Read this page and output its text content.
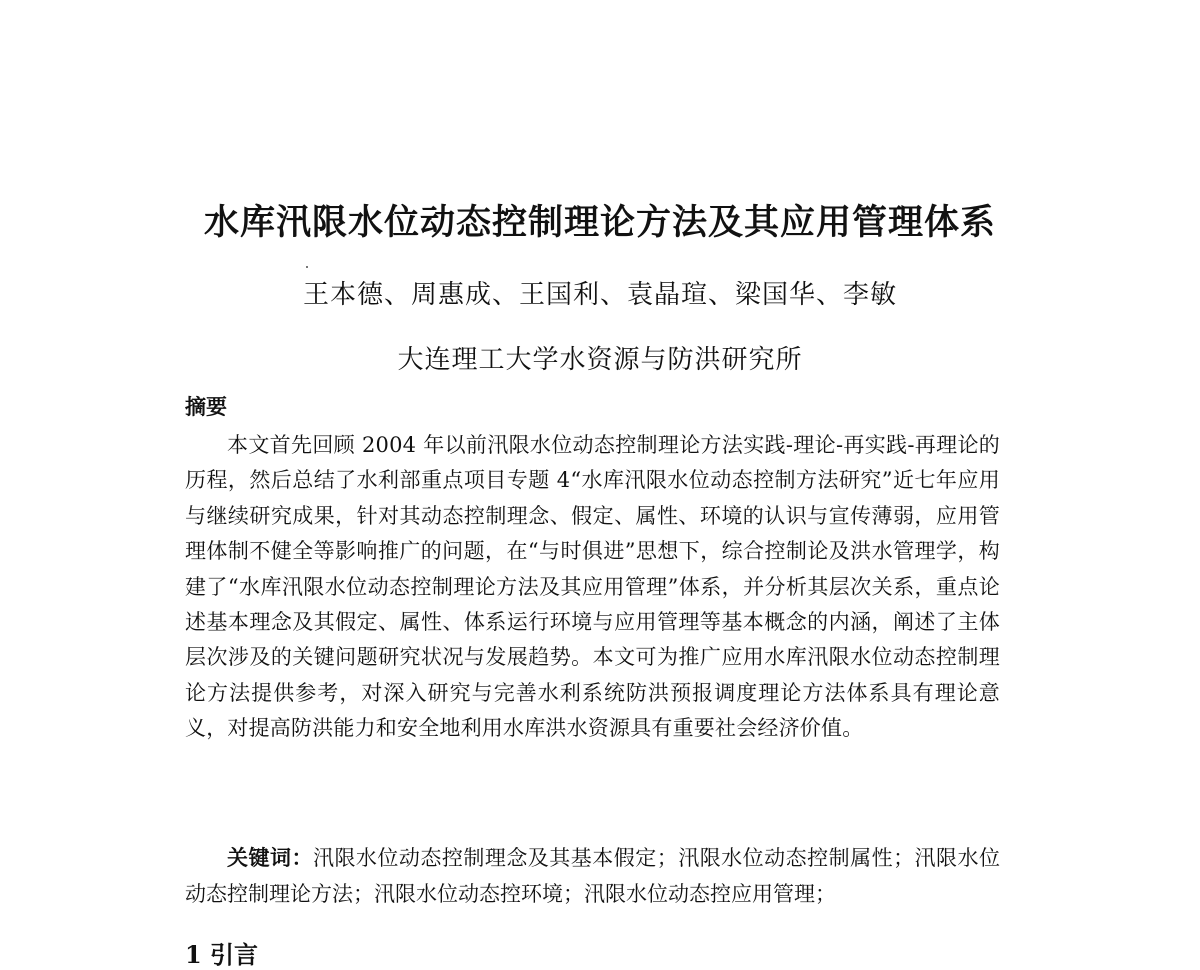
水库汛限水位动态控制理论方法及其应用管理体系
王本德、周惠成、王国利、袁晶瑄、梁国华、李敏
大连理工大学水资源与防洪研究所
摘要

本文首先回顾 2004 年以前汛限水位动态控制理论方法实践-理论-再实践-再理论的历程，然后总结了水利部重点项目专题 4“水库汛限水位动态控制方法研究”近七年应用与继续研究成果，针对其动态控制理念、假定、属性、环境的认识与宣传薄弱，应用管理体制不健全等影响推广的问题，在“与时俱进”思想下，综合控制论及洪水管理学，构建了“水库汛限水位动态控制理论方法及其应用管理”体系，并分析其层次关系，重点论述基本理念及其假定、属性、体系运行环境与应用管理等基本概念的内涵，阐述了主体层次涉及的关键问题研究状况与发展趋势。本文可为推广应用水库汛限水位动态控制理论方法提供参考，对深入研究与完善水利系统防洪预报调度理论方法体系具有理论意义，对提高防洪能力和安全地利用水库洪水资源具有重要社会经济价值。

关键词：汛限水位动态控制理念及其基本假定；汛限水位动态控制属性；汛限水位动态控制理论方法；汛限水位动态控环境；汛限水位动态控应用管理；

1 引言
